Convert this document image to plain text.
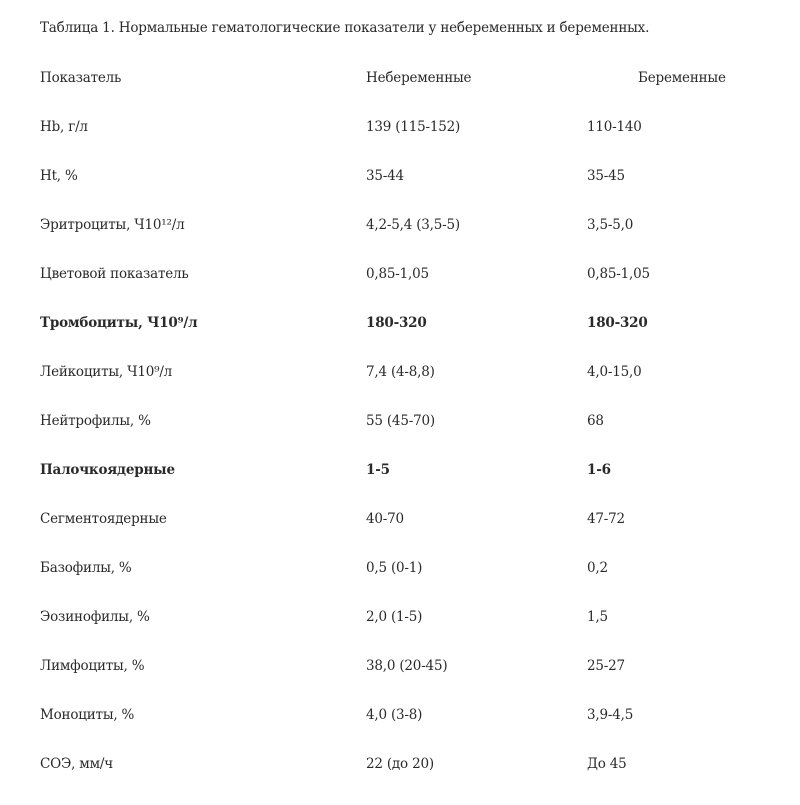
Таблица 1. Нормальные гематологические показатели у небеременных и беременных.
Показатель	Небеременные	Беременные
Hb, г/л	139 (115-152)	110-140
Ht, %	35-44	35-45
Эритроциты, Ч10¹²/л	4,2-5,4 (3,5-5)	3,5-5,0
Цветовой показатель	0,85-1,05	0,85-1,05
Тромбоциты, Ч10⁹/л	180-320	180-320
Лейкоциты, Ч10⁹/л	7,4 (4-8,8)	4,0-15,0
Нейтрофилы, %	55 (45-70)	68
Палочкоядерные	1-5	1-6
Сегментоядерные	40-70	47-72
Базофилы, %	0,5 (0-1)	0,2
Эозинофилы, %	2,0 (1-5)	1,5
Лимфоциты, %	38,0 (20-45)	25-27
Моноциты, %	4,0 (3-8)	3,9-4,5
СОЭ, мм/ч	22 (до 20)	До 45
